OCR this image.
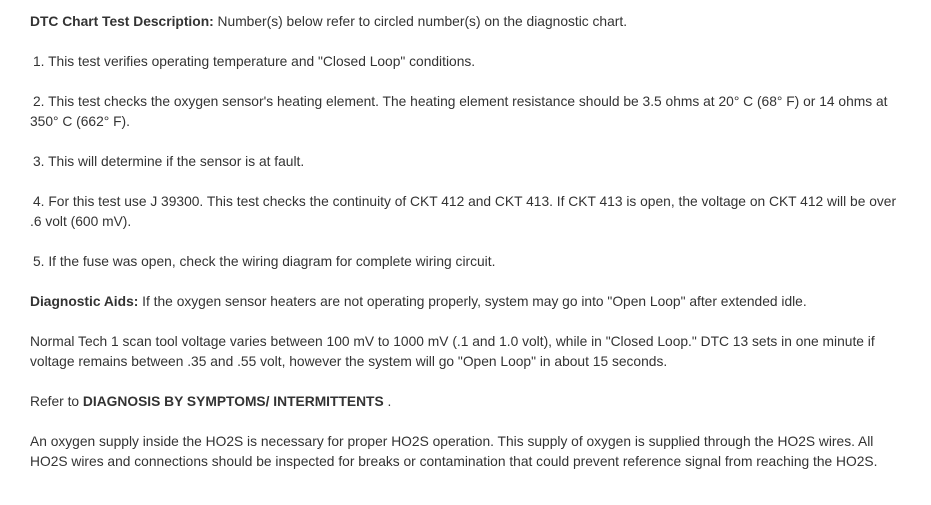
DTC Chart Test Description: Number(s) below refer to circled number(s) on the diagnostic chart.

1. This test verifies operating temperature and "Closed Loop" conditions.

2. This test checks the oxygen sensor's heating element. The heating element resistance should be 3.5 ohms at 20° C (68° F) or 14 ohms at 350° C (662° F).

3. This will determine if the sensor is at fault.

4. For this test use J 39300. This test checks the continuity of CKT 412 and CKT 413. If CKT 413 is open, the voltage on CKT 412 will be over .6 volt (600 mV).

5. If the fuse was open, check the wiring diagram for complete wiring circuit.

Diagnostic Aids: If the oxygen sensor heaters are not operating properly, system may go into "Open Loop" after extended idle.

Normal Tech 1 scan tool voltage varies between 100 mV to 1000 mV (.1 and 1.0 volt), while in "Closed Loop." DTC 13 sets in one minute if voltage remains between .35 and .55 volt, however the system will go "Open Loop" in about 15 seconds.

Refer to DIAGNOSIS BY SYMPTOMS/ INTERMITTENTS .

An oxygen supply inside the HO2S is necessary for proper HO2S operation. This supply of oxygen is supplied through the HO2S wires. All HO2S wires and connections should be inspected for breaks or contamination that could prevent reference signal from reaching the HO2S.
